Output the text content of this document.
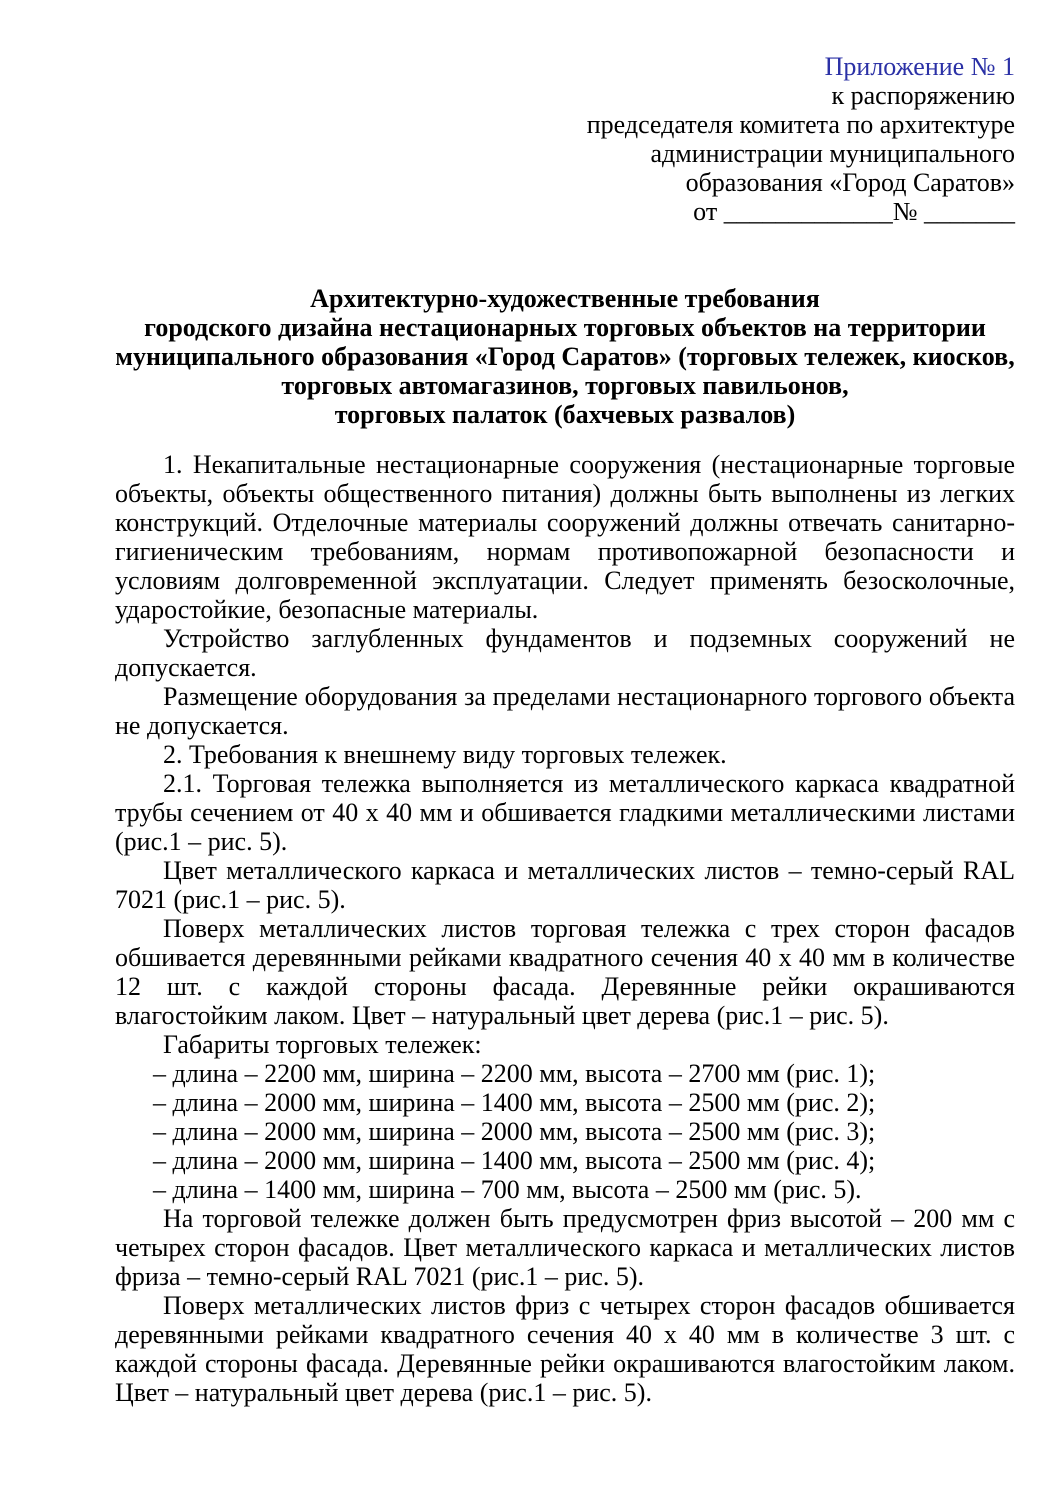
Приложение № 1
к распоряжению
председателя комитета по архитектуре
администрации муниципального
образования «Город Саратов»
от _____________№ _______
Архитектурно-художественные требования
городского дизайна нестационарных торговых объектов на территории
муниципального образования «Город Саратов» (торговых тележек, киосков,
торговых автомагазинов, торговых павильонов,
торговых палаток (бахчевых развалов)
1. Некапитальные нестационарные сооружения (нестационарные торговые объекты, объекты общественного питания) должны быть выполнены из легких конструкций. Отделочные материалы сооружений должны отвечать санитарно-гигиеническим требованиям, нормам противопожарной безопасности и условиям долговременной эксплуатации. Следует применять безосколочные, ударостойкие, безопасные материалы.
Устройство заглубленных фундаментов и подземных сооружений не допускается.
Размещение оборудования за пределами нестационарного торгового объекта не допускается.
2. Требования к внешнему виду торговых тележек.
2.1. Торговая тележка выполняется из металлического каркаса квадратной трубы сечением от 40 х 40 мм и обшивается гладкими металлическими листами (рис.1 – рис. 5).
Цвет металлического каркаса и металлических листов – темно-серый RAL 7021 (рис.1 – рис. 5).
Поверх металлических листов торговая тележка с трех сторон фасадов обшивается деревянными рейками квадратного сечения 40 х 40 мм в количестве 12 шт. с каждой стороны фасада. Деревянные рейки окрашиваются влагостойким лаком. Цвет – натуральный цвет дерева (рис.1 – рис. 5).
Габариты торговых тележек:
– длина – 2200 мм, ширина – 2200 мм, высота – 2700 мм (рис. 1);
– длина – 2000 мм, ширина – 1400 мм, высота – 2500 мм (рис. 2);
– длина – 2000 мм, ширина – 2000 мм, высота – 2500 мм (рис. 3);
– длина – 2000 мм, ширина – 1400 мм, высота – 2500 мм (рис. 4);
– длина – 1400 мм, ширина – 700 мм, высота – 2500 мм (рис. 5).
На торговой тележке должен быть предусмотрен фриз высотой – 200 мм с четырех сторон фасадов. Цвет металлического каркаса и металлических листов фриза – темно-серый RAL 7021 (рис.1 – рис. 5).
Поверх металлических листов фриз с четырех сторон фасадов обшивается деревянными рейками квадратного сечения 40 х 40 мм в количестве 3 шт. с каждой стороны фасада. Деревянные рейки окрашиваются влагостойким лаком. Цвет – натуральный цвет дерева (рис.1 – рис. 5).
